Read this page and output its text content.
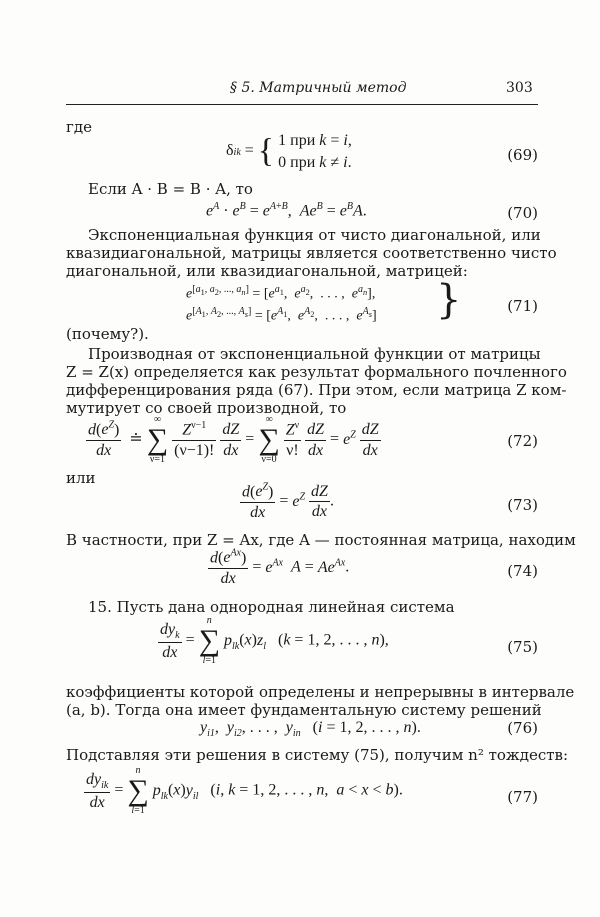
§ 5. Матричный метод	303
где
δik = { 1 при k = i,
0 при k ≠ i.	(69)
Если A · B = B · A, то
$e^A \cdot e^B = e^{A+B}$,  $Ae^B = e^BA$.	(70)
Экспоненциальная функция от чисто диагональной, или
квазидиагональной, матрицы является соответственно чисто
диагональной, или квазидиагональной, матрицей:
$e[a1, a2, ..., an] = [e^{a_1}$,  $e^{a_2}$,  . . . ,  $e^{a_n}$],
$e[A1, A2, ..., As] = [e^{A_1}$,  $e^{A_2}$,  . . . ,  $e^{A_s}$] }	(71)
(почему?).
Производная от экспоненциальной функции от матрицы
Z = Z(x) определяется как результат формального почленного
дифференцирования ряда (67). При этом, если матрица Z ком-
мутирует со своей производной, то
$\frac{d(e^Z)}{dx}$ ≐ ∞
∑
$\nu=1 \frac{Z^{\nu-1}}{(\nu-1)!}$
$\frac{dZ}{dx}$ = ∞
∑
$\nu=0 \frac{Z^\nu}{\nu!}$
$\frac{dZ}{dx} = e^Z \frac{dZ}{dx}$	(72)
или
$\frac{d(e^Z)}{dx} = e^Z \frac{dZ}{dx}$ .	(73)
В частности, при Z = Ax, где A — постоянная матрица, находим
$\frac{d(e^{Ax})}{dx} = e^{Ax}$ $A = Ae^{Ax}$.	(74)
15. Пусть дана однородная линейная система
$\frac{dy_k}{dx} = n$
∑
l=1 $p_{lk}(x)z_l$   (k = 1, 2, . . . , n),	(75)
коэффициенты которой определены и непрерывны в интервале
(a, b). Тогда она имеет фундаментальную систему решений
$y_{i1}$,  $y_{i2}$, . . . ,  $y_{in}$   (i = 1, 2, . . . , n).	(76)
Подставляя эти решения в систему (75), получим n² тождеств:
$\frac{dy_{ik}}{dx} = n$
∑
l=1 $p_{lk}(x)y_{il}$   (i, k = 1, 2, . . . , n,  a < x < b).	(77)
